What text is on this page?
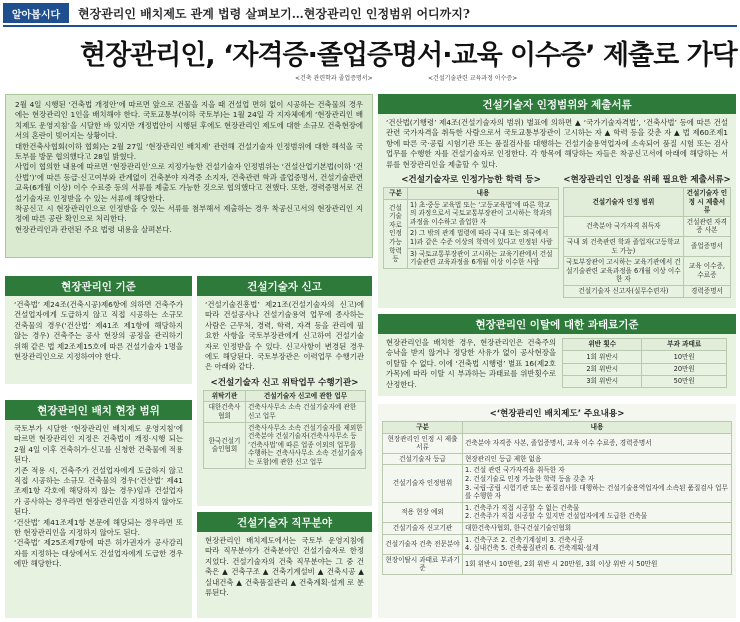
알아봅시다	현장관리인 배치제도 관계 법령 살펴보기…현장관리인 인정범위 어디까지?
현장관리인, ‘자격증·졸업증명서·교육 이수증’ 제출로 가닥
<건축 관련학과 졸업증명서>	<건설기술관련 교육과정 이수증>

2월 4일 시행된 ‘건축법 개정안’에 따르면 앞으로 건물을 지을 때 건설업 면허 없이 시공하는 건축물의 경우에는 현장관리인 1인을 배치해야 한다. 국토교통부(이하 국토부)는 1월 24일 각 지자체에게 ‘현장관리인 배치제도 운영지침’을 시달한 바 있지만 개정법안이 시행된 후에도 현장관리인 제도에 대한 소규모 건축현장에서의 혼란이 빚어지는 상황이다.

대한건축사협회(이하 협회)는 2월 27일 ‘현장관리인 배치제’ 관련해 건설기술자 인정범위에 대한 해석을 국토부를 방문 협의했다고 28일 밝혔다.

사업이 협의한 내용에 따르면 ‘현장관리인’으로 지정가능한 건설기술자 인정범위는 ‘건설산업기본법(이하 ‘건산법’)’에 따른 등급·신고여부와 관계없이 건축분야 자격증 소지자, 건축관련 학과 졸업증명서, 건설기술관련 교육(6개월 이상) 이수 수료증 등의 서류를 제출도 가능한 것으로 협의했다고 전했다. 또한, 경력증명서로 건설기술자로 인정받을 수 있는 서류에 해당한다.

착공신고 시 현장관리인으로 인정받을 수 있는 서류를 첨부해서 제출하는 경우 착공신고서의 현장관리인 지정에 따른 공란 확인으로 처리한다.

현장관리인과 관련된 주요 법령 내용을 살펴본다.

현장관리인 기준

‘건축법’ 제24조(건축시공)제6항에 의하면 건축주가 건설업자에게 도급하지 않고 직접 시공하는 소규모 건축물의 경우(‘건산법’ 제41조 제1항에 해당하지 않는 경우) 건축주는 공사 현장의 공정을 관리하기 위해 같은 법 제2조제15호에 따른 건설기술자 1명을 현장관리인으로 지정하여야 한다.

현장관리인 배치 현장 범위

국토부가 시달한 ‘현장관리인 배치제도 운영지침’에 따르면 현장관리인 지정은 건축법이 개정·시행 되는 2월 4일 이후 건축허가·신고를 신청한 건축물에 적용된다.

기존 적용 시, 건축주가 건설업자에게 도급하지 않고 직접 시공하는 소규모 건축물의 경우(‘건산법’ 제41조제1항 각호에 해당하지 않는 경우)임과 건설업자가 공사하는 경우라면 현장관리인을 지정하지 않아도 된다.

‘건산법’ 제41조제1항 본문에 해당되는 경우라면 또한 현장관리인을 지정하지 않아도 된다.

‘건축법’ 제25조제7항에 따른 허가권자가 공사감리자를 지정하는 대상에서도 건설업자에게 도급한 경우에만 해당한다.

건설기술자 신고

‘건설기술진흥법’ 제21조(건설기술자의 신고)에 따라 건설공사나 건설기술용역 업무에 종사하는 사람은 근무처, 경력, 학력, 자격 등을 관리에 필요한 사항을 국토부장관에게 신고하여 건설기술자로 인정받을 수 있다. 신고사항이 변경된 경우에도 해당된다. 국토부장관은 이력업무 수행기관은 아래와 같다.

<건설기술자 신고 위탁업무 수행기관>
위탁기관	건설기술자 신고에 관한 업무
대한건축사협회	건축사사무소 소속 건설기술자에 관한 신고 업무
한국건설기술인협회	건축사사무소 소속 건설기술자를 제외한 건축분야 건설기술자(건축사사무소 등 ‘건축사법’에 따른 업종 이외의 업무를 수행하는 건축사사무소 소속 건설기술자는 포함)에 관한 신고 업무
건설기술자 직무분야

현장관리인 배치제도에서는 국토부 운영지침에 따라 직무분야가 건축분야인 건설기술자로 한정지었다. 건설기술자의 건축 직무분야는 그 중 건축은 ▲ 건축구조 ▲ 건축기계설비 ▲ 건축시공 ▲ 실내건축 ▲ 건축품질관리 ▲ 건축계획·설계 로 분류된다.

건설기술자 인정범위와 제출서류

‘건산법(기행령’ 제4조(건설기술자의 범위) 별표에 의하면 ▲ ‘국가기술자격법’, ‘건축사법’ 등에 따른 건설 관련 국가자격을 취득한 사람으로서 국토교통부장관이 고시하는 자 ▲ 학력 등을 갖춘 자 ▲ 법 제60조제1항에 따른 국·공립 시험기관 또는 품질검사를 대행하는 건설기술용역업자에 소속되어 품질 시험 또는 검사 업무를 수행한 자를 건설기술자로 인정한다. 각 항목에 해당하는 자들은 착공신고서에 아래에 해당하는 서류를 현장관리인을 제출할 수 있다.

<건설기술자로 인정가능한 학력 등>
구분	내용
건설기술자로 인정가능 학력 등	1) 초·중등 교육법 또는 ‘고등교육법’에 따른 학교의 과정으로서 국토교통부장관이 고시하는 학과의 과정을 이수하고 졸업한 자
	2) 그 밖의 관계 법령에 따라 국내 또는 외국에서 1)과 같은 수준 이상의 학력이 있다고 인정된 사람
	3) 국토교통부장관이 고시하는 교육기관에서 건설기술관련 교육과정을 6개월 이상 이수한 사람
<현장관리인 인정을 위해 필요한 제출서류>
건설기술자 인정 범위	건설기술자 인정 시 제출서류
건축분야 국가자격 취득자	건설관련 자격증 사본
국내 외 건축관련 학과 졸업자(고등학교도 가능)	졸업증명서
국토부장관이 고시하는 교육기관에서 건설기술관련 교육과정을 6개월 이상 이수한 자	교육 이수증, 수료증
건설기술자 신고자(실무수련자)	경력증명서
현장관리인 이탈에 대한 과태료기준

현장관리인을 배치한 경우, 현장관리인은 건축주의 승낙을 받지 않거나 정당한 사유가 없이 공사현장을 이탈할 수 없다. 이에 ‘건축법 시행령’ 별표 16(제2호가목)에 따라 이탈 시 부과하는 과태료를 위반횟수로 산정한다.

위반 횟수	부과 과태료
1회 위반시	10만원
2회 위반시	20만원
3회 위반시	50만원
<‘현장관리인 배치제도’ 주요내용>
구분	내용
현장관리인 인정 시 제출 서류	건축분야 자격증 사본, 졸업증명서, 교육 이수 수료증, 경력증명서
건설기술자 등급	현장관리인 등급 제한 없음
건설기술자 인정범위	1. 건설 관련 국가자격을 취득한 자
2. 건설기술로 인정 가능한 학력 등을 갖춘 자
3. 국립·공립 시험기관 또는 품질검사를 대행하는 건설기술용역업자에 소속된 품질검사 업무를 수행한 자
적용 현장 예외	1. 건축주가 직접 시공할 수 없는 건축물
2. 건축주가 직접 시공할 수 있지만 건설업자에게 도급한 건축물
건설기술자 신고기관	대한건축사협회, 한국건설기술인협회
건설기술자 건축 전문분야	1. 건축구조 2. 건축기계설비 3. 건축시공
4. 실내건축 5. 건축품질관리 6. 건축계획·설계
현장이탈시 과태료 부과기준	1회 위반시 10만원, 2회 위반 시 20만원, 3회 이상 위반 시 50만원
